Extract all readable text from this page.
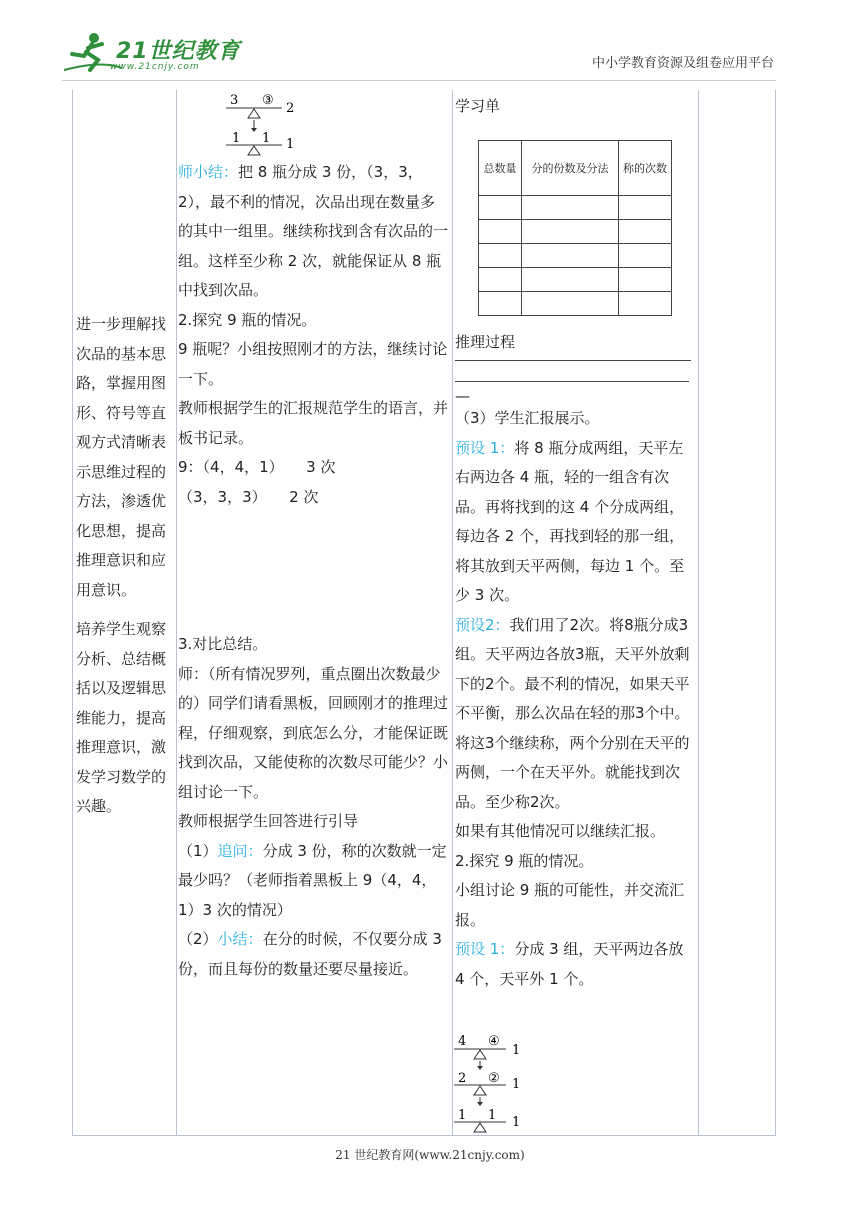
21世纪教育
www.21cnjy.com	中小学教育资源及组卷应用平台

进一步理解找次品的基本思路，掌握用图形、符号等直观方式清晰表示思维过程的方法，渗透优化思想，提高推理意识和应用意识。

培养学生观察分析、总结概括以及逻辑思维能力，提高推理意识，激发学习数学的兴趣。

3 ③
2
1 1 1

师小结：把 8 瓶分成 3 份，（3，3，2），最不利的情况，次品出现在数量多的其中一组里。继续称找到含有次品的一组。这样至少称 2 次，就能保证从 8 瓶中找到次品。

2.探究 9 瓶的情况。

9 瓶呢？小组按照刚才的方法，继续讨论一下。

教师根据学生的汇报规范学生的语言，并板书记录。

9：（4，4，1）　　3 次

（3，3，3）　　2 次

3.对比总结。

师：（所有情况罗列，重点圈出次数最少的）同学们请看黑板，回顾刚才的推理过程，仔细观察，到底怎么分，才能保证既找到次品，又能使称的次数尽可能少？小组讨论一下。

教师根据学生回答进行引导

（1）追问：分成 3 份，称的次数就一定最少吗？（老师指着黑板上 9（4，4，1）3 次的情况）

（2）小结：在分的时候，不仅要分成 3 份，而且每份的数量还要尽量接近。

总数量	分的份数及分法	称的次数

学习单

推理过程

—

（3）学生汇报展示。

预设 1：将 8 瓶分成两组，天平左右两边各 4 瓶，轻的一组含有次品。再将找到的这 4 个分成两组，每边各 2 个，再找到轻的那一组，将其放到天平两侧，每边 1 个。至少 3 次。

预设2：我们用了2次。将8瓶分成3组。天平两边各放3瓶，天平外放剩下的2个。最不利的情况，如果天平不平衡，那么次品在轻的那3个中。将这3个继续称，两个分别在天平的两侧，一个在天平外。就能找到次品。至少称2次。

如果有其他情况可以继续汇报。

2.探究 9 瓶的情况。

小组讨论 9 瓶的可能性，并交流汇报。

预设 1：分成 3 组，天平两边各放 4 个，天平外 1 个。

4 ④
1
2 ② 1
1 1 1
21 世纪教育网(www.21cnjy.com)
